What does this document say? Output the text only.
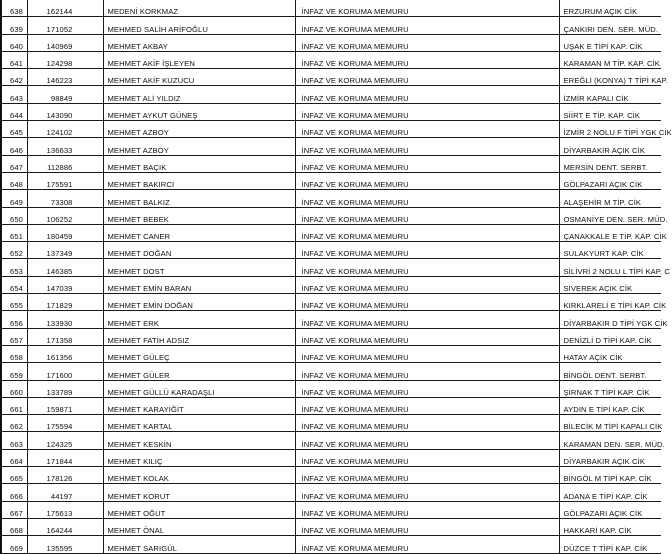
638	162144	MEDENİ KORKMAZ	İNFAZ VE KORUMA MEMURU	ERZURUM AÇIK CİK
639	171052	MEHMED SALİH ARİFOĞLU	İNFAZ VE KORUMA MEMURU	ÇANKIRI DEN. SER. MÜD.
640	140969	MEHMET AKBAY	İNFAZ VE KORUMA MEMURU	UŞAK E TİPİ KAP. CİK
641	124298	MEHMET AKİF İŞLEYEN	İNFAZ VE KORUMA MEMURU	KARAMAN M TİP. KAP. CİK
642	146223	MEHMET AKİF KUZUCU	İNFAZ VE KORUMA MEMURU	EREĞLİ (KONYA) T TİPİ KAP.
643	98849	MEHMET ALİ YILDIZ	İNFAZ VE KORUMA MEMURU	İZMİR KAPALI CİK
644	143090	MEHMET AYKUT GÜNEŞ	İNFAZ VE KORUMA MEMURU	SİİRT E TİP. KAP. CİK
645	124102	MEHMET AZBOY	İNFAZ VE KORUMA MEMURU	İZMİR 2 NOLU F TİPİ YGK CİK
646	136633	MEHMET AZBOY	İNFAZ VE KORUMA MEMURU	DİYARBAKIR AÇIK CİK
647	112886	MEHMET BAÇIK	İNFAZ VE KORUMA MEMURU	MERSİN DENT. SERBT.
648	175591	MEHMET BAKIRCI	İNFAZ VE KORUMA MEMURU	GÖLPAZARI AÇIK CİK
649	73308	MEHMET BALKIZ	İNFAZ VE KORUMA MEMURU	ALAŞEHİR M TİP. CİK
650	106252	MEHMET BEBEK	İNFAZ VE KORUMA MEMURU	OSMANİYE DEN. SER. MÜD.
651	180459	MEHMET CANER	İNFAZ VE KORUMA MEMURU	ÇANAKKALE E TİP. KAP. CİK
652	137349	MEHMET DOĞAN	İNFAZ VE KORUMA MEMURU	SULAKYURT KAP. CİK
653	146385	MEHMET DOST	İNFAZ VE KORUMA MEMURU	SİLİVRİ 2 NOLU L TİPİ KAP. C
654	147039	MEHMET EMİN BARAN	İNFAZ VE KORUMA MEMURU	SİVEREK AÇIK CİK
655	171829	MEHMET EMİN DOĞAN	İNFAZ VE KORUMA MEMURU	KIRKLARELİ E TİPİ KAP. CİK
656	133930	MEHMET ERK	İNFAZ VE KORUMA MEMURU	DİYARBAKIR D TİPİ YGK CİK
657	171358	MEHMET FATİH ADSIZ	İNFAZ VE KORUMA MEMURU	DENİZLİ D TİPİ KAP. CİK
658	161356	MEHMET GÜLEÇ	İNFAZ VE KORUMA MEMURU	HATAY AÇIK CİK
659	171600	MEHMET GÜLER	İNFAZ VE KORUMA MEMURU	BİNGÖL DENT. SERBT.
660	133789	MEHMET GÜLLÜ KARADAŞLI	İNFAZ VE KORUMA MEMURU	ŞIRNAK T TİPİ KAP. CİK
661	159871	MEHMET KARAYİĞİT	İNFAZ VE KORUMA MEMURU	AYDIN E TİPİ KAP. CİK
662	175594	MEHMET KARTAL	İNFAZ VE KORUMA MEMURU	BİLECİK M TİPİ KAPALI CİK
663	124325	MEHMET KESKİN	İNFAZ VE KORUMA MEMURU	KARAMAN DEN. SER. MÜD.
664	171844	MEHMET KILIÇ	İNFAZ VE KORUMA MEMURU	DİYARBAKIR AÇIK CİK
665	178126	MEHMET KOLAK	İNFAZ VE KORUMA MEMURU	BİNGÖL M TİPİ KAP. CİK
666	44197	MEHMET KORUT	İNFAZ VE KORUMA MEMURU	ADANA E TİPİ KAP. CİK
667	175613	MEHMET OĞUT	İNFAZ VE KORUMA MEMURU	GÖLPAZARI AÇIK CİK
668	164244	MEHMET ÖNAL	İNFAZ VE KORUMA MEMURU	HAKKARİ KAP. CİK
669	135595	MEHMET SARIGÜL	İNFAZ VE KORUMA MEMURU	DÜZCE T TİPİ KAP. CİK
